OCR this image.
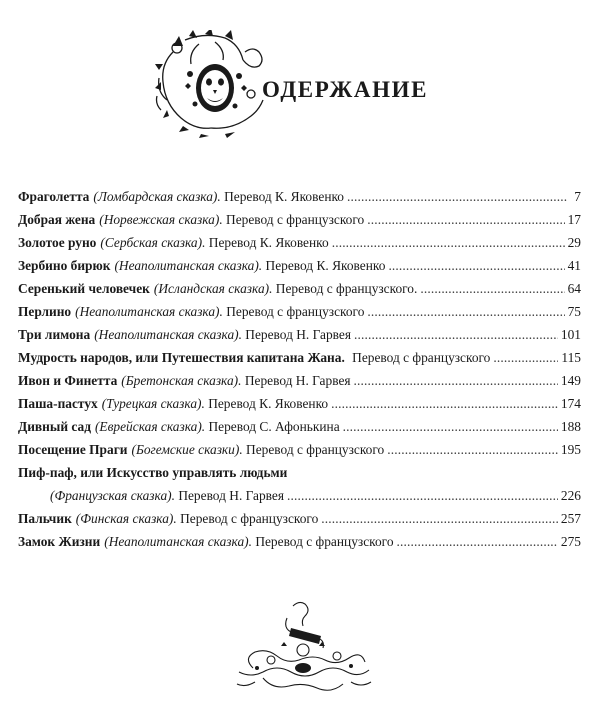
ОДЕРЖАНИЕ
Фраголетта (Ломбардская сказка). Перевод К. Яковенко . . .	7
Добрая жена (Норвежская сказка). Перевод с французского . . .	17
Золотое руно (Сербская сказка). Перевод К. Яковенко . . .	29
Зербино бирюк (Неаполитанская сказка). Перевод К. Яковенко . . .	41
Серенький человечек (Исландская сказка). Перевод с французского. . . .	64
Перлино (Неаполитанская сказка). Перевод с французского . . .	75
Три лимона (Неаполитанская сказка). Перевод Н. Гарвея . . .	101
Мудрость народов, или Путешествия капитана Жана. Перевод с французского . . .	115
Ивон и Финетта (Бретонская сказка). Перевод Н. Гарвея . . .	149
Паша-пастух (Турецкая сказка). Перевод К. Яковенко . . .	174
Дивный сад (Еврейская сказка). Перевод С. Афонькина . . .	188
Посещение Праги (Богемские сказки). Перевод с французского . . .	195
Пиф-паф, или Искусство управлять людьми
(Французская сказка). Перевод Н. Гарвея . . .	226
Пальчик (Финская сказка). Перевод с французского . . .	257
Замок Жизни (Неаполитанская сказка). Перевод с французского . . .	275
